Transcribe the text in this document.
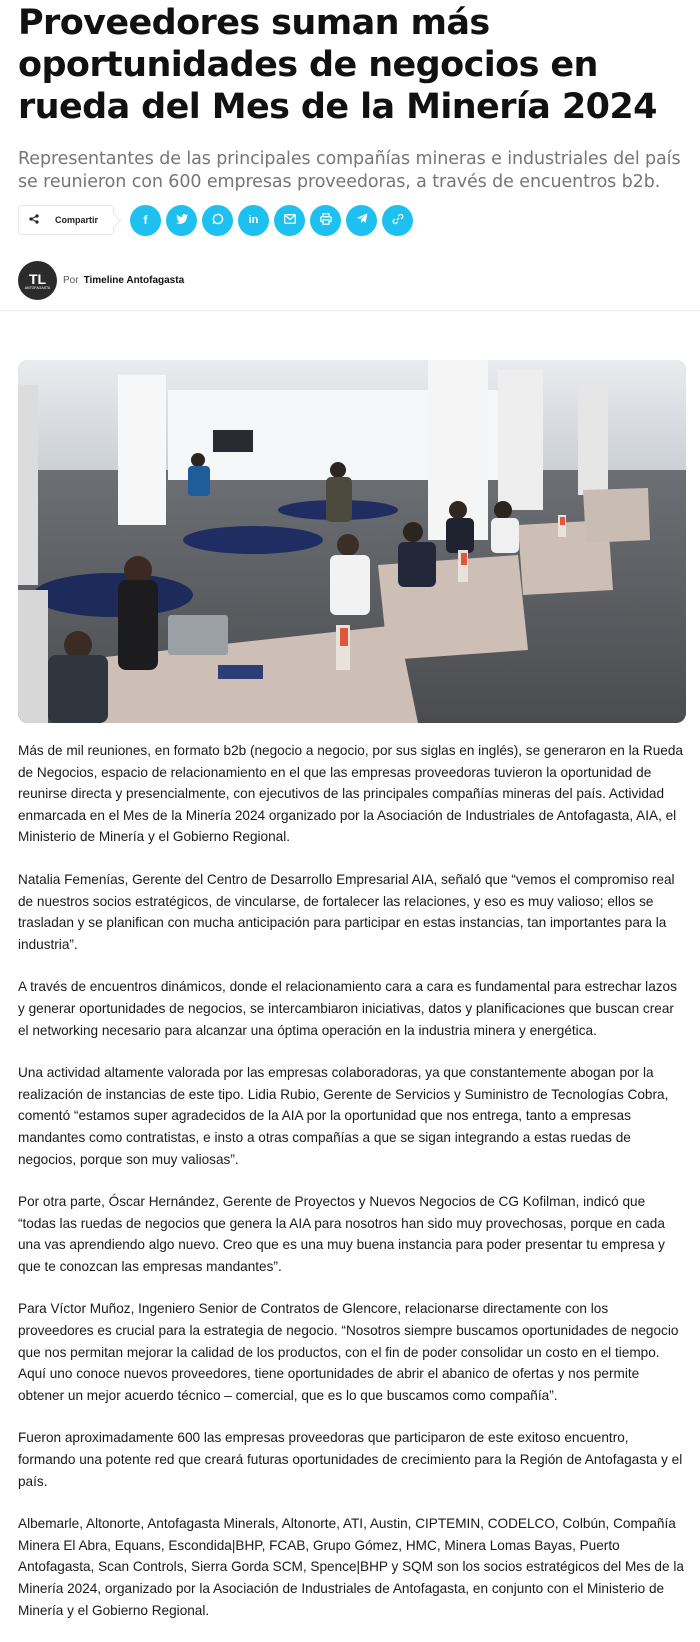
Proveedores suman más oportunidades de negocios en rueda del Mes de la Minería 2024

Representantes de las principales compañías mineras e industriales del país se reunieron con 600 empresas proveedoras, a través de encuentros b2b.

Compartir	f	in
TL
ANTOFAGASTA
Por Timeline Antofagasta

Más de mil reuniones, en formato b2b (negocio a negocio, por sus siglas en inglés), se generaron en la Rueda de Negocios, espacio de relacionamiento en el que las empresas proveedoras tuvieron la oportunidad de reunirse directa y presencialmente, con ejecutivos de las principales compañías mineras del país. Actividad enmarcada en el Mes de la Minería 2024 organizado por la Asociación de Industriales de Antofagasta, AIA, el Ministerio de Minería y el Gobierno Regional.

Natalia Femenías, Gerente del Centro de Desarrollo Empresarial AIA, señaló que “vemos el compromiso real de nuestros socios estratégicos, de vincularse, de fortalecer las relaciones, y eso es muy valioso; ellos se trasladan y se planifican con mucha anticipación para participar en estas instancias, tan importantes para la industria”.

A través de encuentros dinámicos, donde el relacionamiento cara a cara es fundamental para estrechar lazos y generar oportunidades de negocios, se intercambiaron iniciativas, datos y planificaciones que buscan crear el networking necesario para alcanzar una óptima operación en la industria minera y energética.

Una actividad altamente valorada por las empresas colaboradoras, ya que constantemente abogan por la realización de instancias de este tipo. Lidia Rubio, Gerente de Servicios y Suministro de Tecnologías Cobra, comentó “estamos super agradecidos de la AIA por la oportunidad que nos entrega, tanto a empresas mandantes como contratistas, e insto a otras compañías a que se sigan integrando a estas ruedas de negocios, porque son muy valiosas”.

Por otra parte, Óscar Hernández, Gerente de Proyectos y Nuevos Negocios de CG Kofilman, indicó que “todas las ruedas de negocios que genera la AIA para nosotros han sido muy provechosas, porque en cada una vas aprendiendo algo nuevo. Creo que es una muy buena instancia para poder presentar tu empresa y que te conozcan las empresas mandantes”.

Para Víctor Muñoz, Ingeniero Senior de Contratos de Glencore, relacionarse directamente con los proveedores es crucial para la estrategia de negocio. “Nosotros siempre buscamos oportunidades de negocio que nos permitan mejorar la calidad de los productos, con el fin de poder consolidar un costo en el tiempo. Aquí uno conoce nuevos proveedores, tiene oportunidades de abrir el abanico de ofertas y nos permite obtener un mejor acuerdo técnico – comercial, que es lo que buscamos como compañía”.

Fueron aproximadamente 600 las empresas proveedoras que participaron de este exitoso encuentro, formando una potente red que creará futuras oportunidades de crecimiento para la Región de Antofagasta y el país.

Albemarle, Altonorte, Antofagasta Minerals, Altonorte, ATI, Austin, CIPTEMIN, CODELCO, Colbún, Compañía Minera El Abra, Equans, Escondida|BHP, FCAB, Grupo Gómez, HMC, Minera Lomas Bayas, Puerto Antofagasta, Scan Controls, Sierra Gorda SCM, Spence|BHP y SQM son los socios estratégicos del Mes de la Minería 2024, organizado por la Asociación de Industriales de Antofagasta, en conjunto con el Ministerio de Minería y el Gobierno Regional.
